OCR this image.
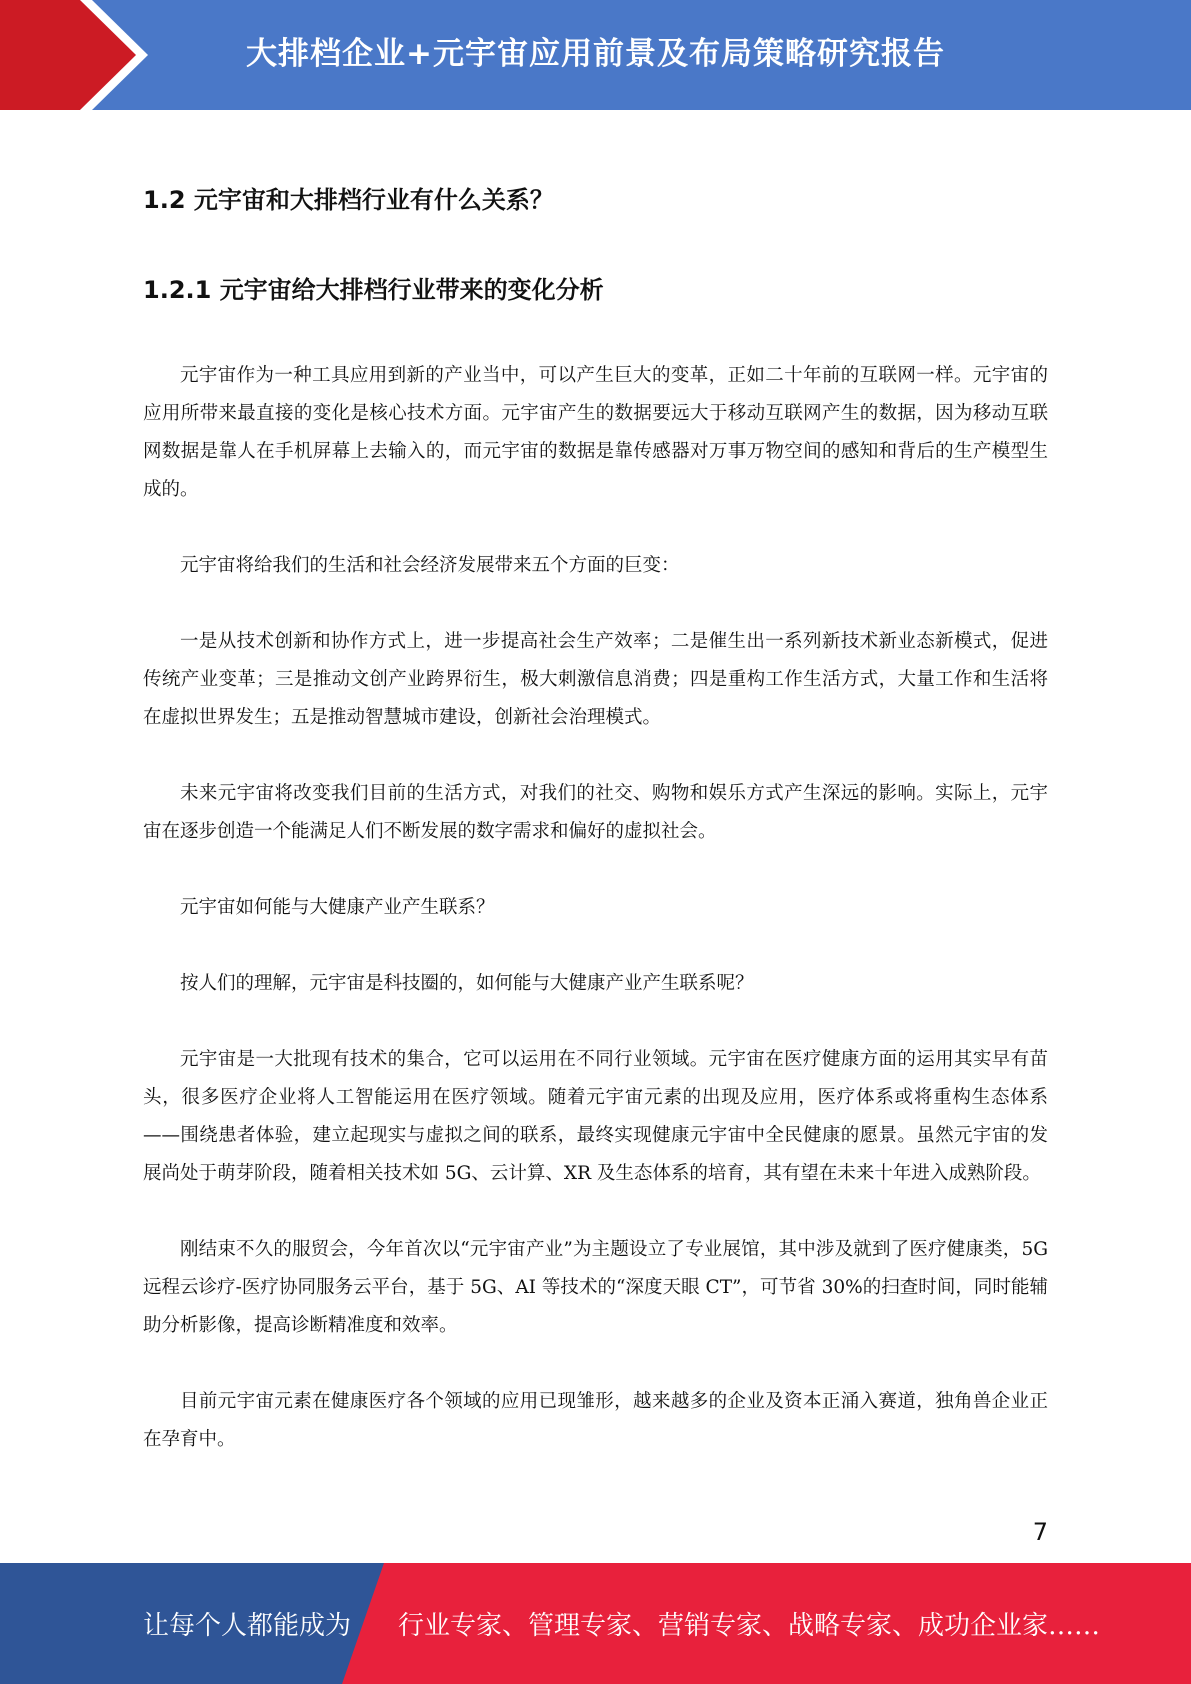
大排档企业+元宇宙应用前景及布局策略研究报告
1.2 元宇宙和大排档行业有什么关系？
1.2.1 元宇宙给大排档行业带来的变化分析

元宇宙作为一种工具应用到新的产业当中，可以产生巨大的变革，正如二十年前的互联网一样。元宇宙的应用所带来最直接的变化是核心技术方面。元宇宙产生的数据要远大于移动互联网产生的数据，因为移动互联网数据是靠人在手机屏幕上去输入的，而元宇宙的数据是靠传感器对万事万物空间的感知和背后的生产模型生成的。

元宇宙将给我们的生活和社会经济发展带来五个方面的巨变：

一是从技术创新和协作方式上，进一步提高社会生产效率；二是催生出一系列新技术新业态新模式，促进传统产业变革；三是推动文创产业跨界衍生，极大刺激信息消费；四是重构工作生活方式，大量工作和生活将在虚拟世界发生；五是推动智慧城市建设，创新社会治理模式。

未来元宇宙将改变我们目前的生活方式，对我们的社交、购物和娱乐方式产生深远的影响。实际上，元宇宙在逐步创造一个能满足人们不断发展的数字需求和偏好的虚拟社会。

元宇宙如何能与大健康产业产生联系？

按人们的理解，元宇宙是科技圈的，如何能与大健康产业产生联系呢？

元宇宙是一大批现有技术的集合，它可以运用在不同行业领域。元宇宙在医疗健康方面的运用其实早有苗头，很多医疗企业将人工智能运用在医疗领域。随着元宇宙元素的出现及应用，医疗体系或将重构生态体系——围绕患者体验，建立起现实与虚拟之间的联系，最终实现健康元宇宙中全民健康的愿景。虽然元宇宙的发展尚处于萌芽阶段，随着相关技术如 5G、云计算、XR 及生态体系的培育，其有望在未来十年进入成熟阶段。

刚结束不久的服贸会，今年首次以“元宇宙产业”为主题设立了专业展馆，其中涉及就到了医疗健康类，5G 远程云诊疗-医疗协同服务云平台，基于 5G、AI 等技术的“深度天眼 CT”，可节省 30%的扫查时间，同时能辅助分析影像，提高诊断精准度和效率。

目前元宇宙元素在健康医疗各个领域的应用已现雏形，越来越多的企业及资本正涌入赛道，独角兽企业正在孕育中。

7
让每个人都能成为 行业专家、管理专家、营销专家、战略专家、成功企业家……
